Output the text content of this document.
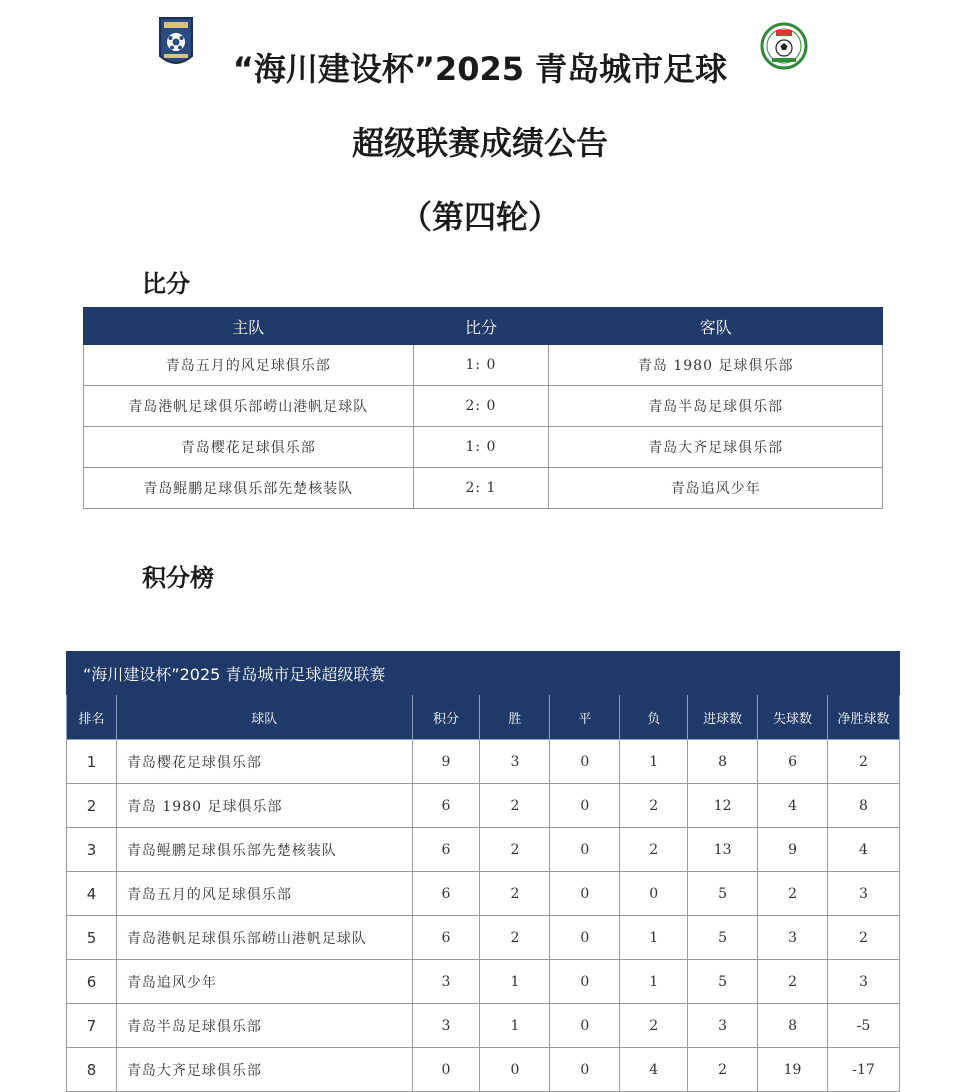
“海川建设杯”2025 青岛城市足球
超级联赛成绩公告
（第四轮）
比分
主队	比分	客队
青岛五月的风足球俱乐部	1: 0	青岛 1980 足球俱乐部
青岛港帆足球俱乐部崂山港帆足球队	2: 0	青岛半岛足球俱乐部
青岛樱花足球俱乐部	1: 0	青岛大齐足球俱乐部
青岛鲲鹏足球俱乐部先楚核装队	2: 1	青岛追风少年
积分榜
“海川建设杯”2025 青岛城市足球超级联赛								
排名	球队	积分	胜	平	负	进球数	失球数	净胜球数
1	青岛樱花足球俱乐部	9	3	0	1	8	6	2
2	青岛 1980 足球俱乐部	6	2	0	2	12	4	8
3	青岛鲲鹏足球俱乐部先楚核装队	6	2	0	2	13	9	4
4	青岛五月的风足球俱乐部	6	2	0	0	5	2	3
5	青岛港帆足球俱乐部崂山港帆足球队	6	2	0	1	5	3	2
6	青岛追风少年	3	1	0	1	5	2	3
7	青岛半岛足球俱乐部	3	1	0	2	3	8	-5
8	青岛大齐足球俱乐部	0	0	0	4	2	19	-17
